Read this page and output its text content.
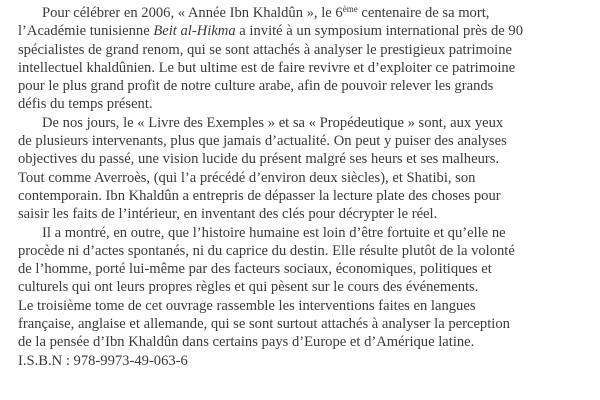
Pour célébrer en 2006, « Année Ibn Khaldûn », le 6ème centenaire de sa mort,
l’Académie tunisienne Beit al-Hikma a invité à un symposium international près de 90
spécialistes de grand renom, qui se sont attachés à analyser le prestigieux patrimoine
intellectuel khaldûnien. Le but ultime est de faire revivre et d’exploiter ce patrimoine
pour le plus grand profit de notre culture arabe, afin de pouvoir relever les grands
défis du temps présent.
De nos jours, le « Livre des Exemples » et sa « Propédeutique » sont, aux yeux
de plusieurs intervenants, plus que jamais d’actualité. On peut y puiser des analyses
objectives du passé, une vision lucide du présent malgré ses heurs et ses malheurs.
Tout comme Averroès, (qui l’a précédé d’environ deux siècles), et Shatibi, son
contemporain. Ibn Khaldûn a entrepris de dépasser la lecture plate des choses pour
saisir les faits de l’intérieur, en inventant des clés pour décrypter le réel.
Il a montré, en outre, que l’histoire humaine est loin d’être fortuite et qu’elle ne
procède ni d’actes spontanés, ni du caprice du destin. Elle résulte plutôt de la volonté
de l’homme, porté lui-même par des facteurs sociaux, économiques, politiques et
culturels qui ont leurs propres règles et qui pèsent sur le cours des événements.
Le troisième tome de cet ouvrage rassemble les interventions faites en langues
française, anglaise et allemande, qui se sont surtout attachés à analyser la perception
de la pensée d’Ibn Khaldûn dans certains pays d’Europe et d’Amérique latine.
I.S.B.N : 978-9973-49-063-6
